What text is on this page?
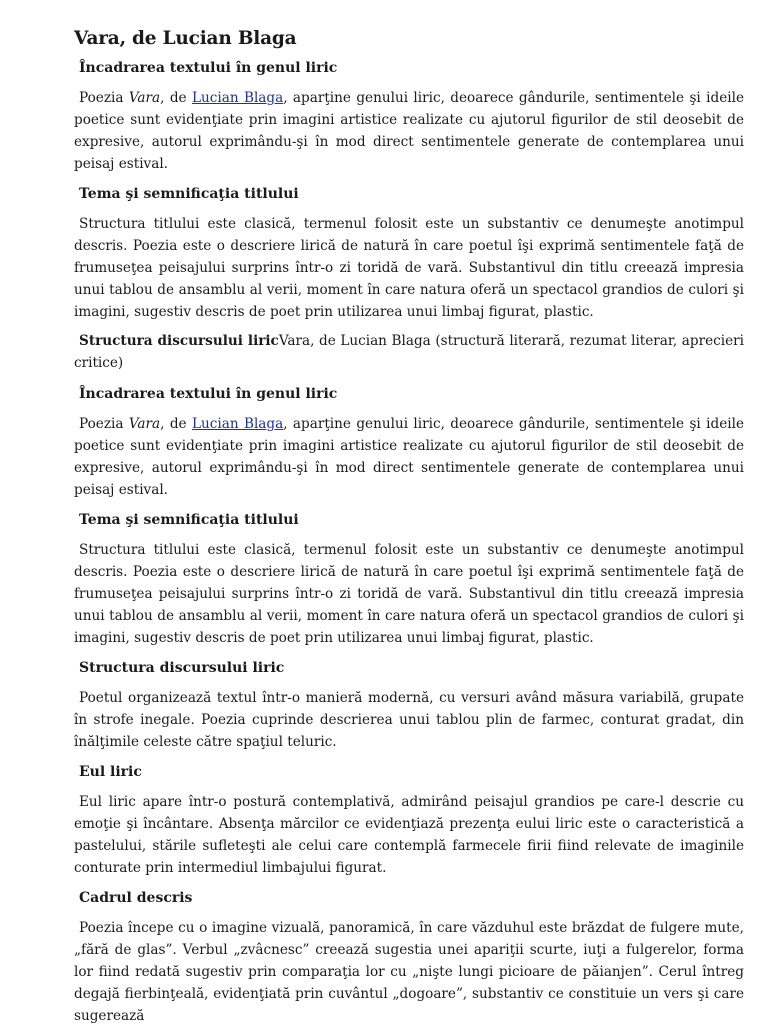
Vara, de Lucian Blaga
Încadrarea textului în genul liric

Poezia Vara, de Lucian Blaga, aparţine genului liric, deoarece gândurile, sentimentele şi ideile poetice sunt evidenţiate prin imagini artistice realizate cu ajutorul figurilor de stil deosebit de expresive, autorul exprimându-şi în mod direct sentimentele generate de contemplarea unui peisaj estival.

Tema şi semnificaţia titlului

Structura titlului este clasică, termenul folosit este un substantiv ce denumeşte anotimpul descris. Poezia este o descriere lirică de natură în care poetul îşi exprimă sentimentele faţă de frumuseţea peisajului surprins într-o zi toridă de vară. Substantivul din titlu creează impresia unui tablou de ansamblu al verii, moment în care natura oferă un spectacol grandios de culori şi imagini, sugestiv descris de poet prin utilizarea unui limbaj figurat, plastic.

Structura discursului liricVara, de Lucian Blaga (structură literară, rezumat literar, aprecieri critice)

Încadrarea textului în genul liric

Poezia Vara, de Lucian Blaga, aparţine genului liric, deoarece gândurile, sentimentele şi ideile poetice sunt evidenţiate prin imagini artistice realizate cu ajutorul figurilor de stil deosebit de expresive, autorul exprimându-şi în mod direct sentimentele generate de contemplarea unui peisaj estival.

Tema şi semnificaţia titlului

Structura titlului este clasică, termenul folosit este un substantiv ce denumeşte anotimpul descris. Poezia este o descriere lirică de natură în care poetul îşi exprimă sentimentele faţă de frumuseţea peisajului surprins într-o zi toridă de vară. Substantivul din titlu creează impresia unui tablou de ansamblu al verii, moment în care natura oferă un spectacol grandios de culori şi imagini, sugestiv descris de poet prin utilizarea unui limbaj figurat, plastic.

Structura discursului liric

Poetul organizează textul într-o manieră modernă, cu versuri având măsura variabilă, grupate în strofe inegale. Poezia cuprinde descrierea unui tablou plin de farmec, conturat gradat, din înălţimile celeste către spaţiul teluric.

Eul liric

Eul liric apare într-o postură contemplativă, admirând peisajul grandios pe care-l descrie cu emoţie şi încântare. Absenţa mărcilor ce evidenţiază prezenţa eului liric este o caracteristică a pastelului, stările sufleteşti ale celui care contemplă farmecele firii fiind relevate de imaginile conturate prin intermediul limbajului figurat.

Cadrul descris

Poezia începe cu o imagine vizuală, panoramică, în care văzduhul este brăzdat de fulgere mute, „fără de glas”. Verbul „zvâcnesc” creează sugestia unei apariţii scurte, iuţi a fulgerelor, forma lor fiind redată sugestiv prin comparaţia lor cu „nişte lungi picioare de păianjen”. Cerul întreg degajă fierbinţeală, evidenţiată prin cuvântul „dogoare”, substantiv ce constituie un vers şi care sugerează
